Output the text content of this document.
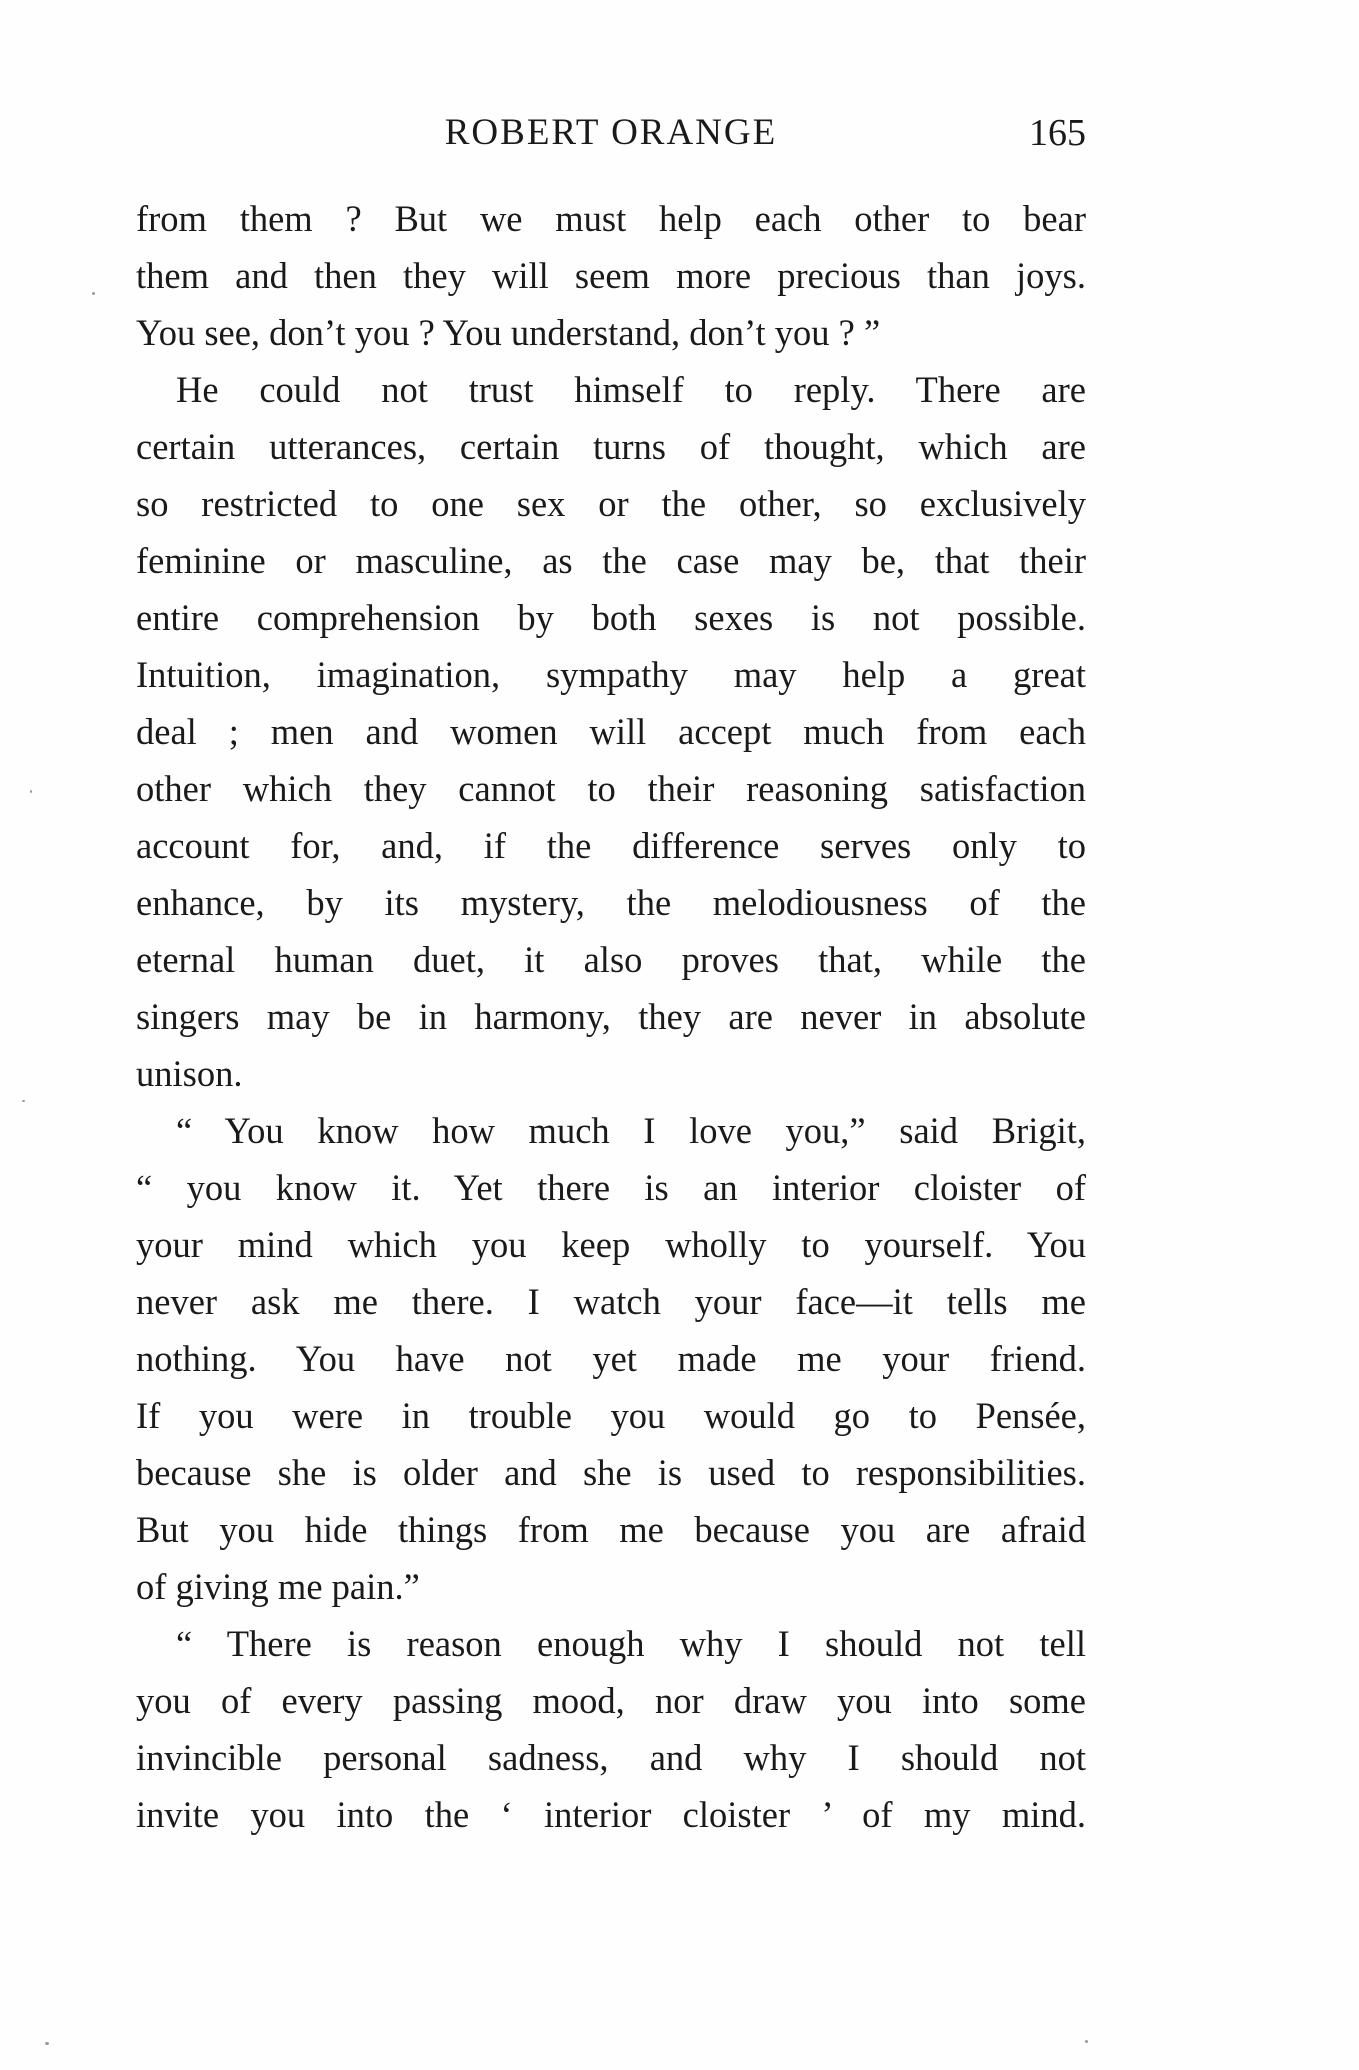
ROBERT ORANGE	165
from them ? But we must help each other to bear
them and then they will seem more precious than joys.
You see, don’t you ? You understand, don’t you ? ”
He could not trust himself to reply. There are
certain utterances, certain turns of thought, which are
so restricted to one sex or the other, so exclusively
feminine or masculine, as the case may be, that their
entire comprehension by both sexes is not possible.
Intuition, imagination, sympathy may help a great
deal ; men and women will accept much from each
other which they cannot to their reasoning satisfaction
account for, and, if the difference serves only to
enhance, by its mystery, the melodiousness of the
eternal human duet, it also proves that, while the
singers may be in harmony, they are never in absolute
unison.
“ You know how much I love you,” said Brigit,
“ you know it. Yet there is an interior cloister of
your mind which you keep wholly to yourself. You
never ask me there. I watch your face—it tells me
nothing. You have not yet made me your friend.
If you were in trouble you would go to Pensée,
because she is older and she is used to responsibilities.
But you hide things from me because you are afraid
of giving me pain.”
“ There is reason enough why I should not tell
you of every passing mood, nor draw you into some
invincible personal sadness, and why I should not
invite you into the ‘ interior cloister ’ of my mind.
